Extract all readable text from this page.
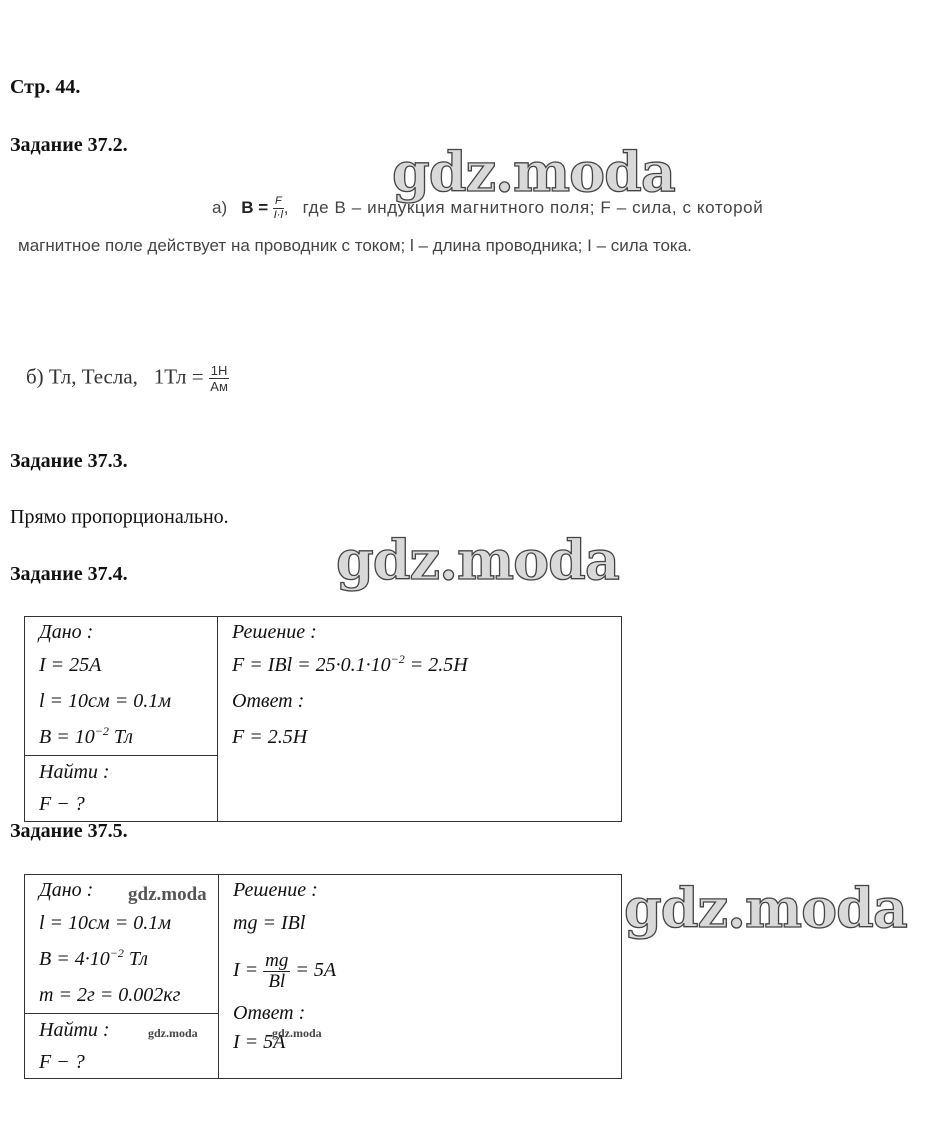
Стр. 44.
Задание 37.2.	gdz.moda
а) $B = \frac{F}{I\cdot l}$ , где B – индукция магнитного поля; F – сила, с которой
магнитное поле действует на проводник с током; l – длина проводника; I – сила тока.
б) Тл, Тесла, $1Тл = \frac{1Н}{Ам}$
Задание 37.3.
Прямо пропорционально.
Задание 37.4.	gdz.moda
Дано :
I = 25A
l = 10см = 0.1м
$B = 10^{-2}$ Тл

Решение :
F = IBl = $25\cdot 0.1\cdot 10^{-2} = 2.5H$
Ответ :
F = 2.5H

Найти :
F − ?
Задание 37.5.
gdz.moda
Дано :
l = 10см = 0.1м
$B = 4\cdot 10^{-2}$ Тл
m = 2г = 0.002кг

Решение :
mg = IBl
$I = \frac{mg}{Bl} = 5A$
Ответ :
I = 5A

Найти :
F − ?
gdz.moda
gdz.moda	gdz.moda
